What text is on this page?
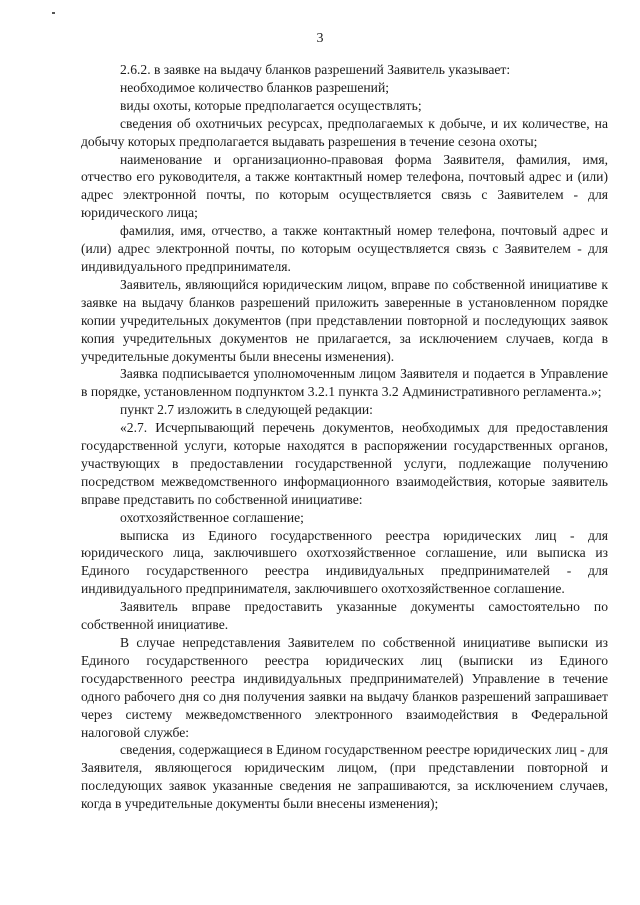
3

2.6.2. в заявке на выдачу бланков разрешений Заявитель указывает:

необходимое количество бланков разрешений;

виды охоты, которые предполагается осуществлять;

сведения об охотничьих ресурсах, предполагаемых к добыче, и их количестве, на добычу которых предполагается выдавать разрешения в течение сезона охоты;

наименование и организационно-правовая форма Заявителя, фамилия, имя, отчество его руководителя, а также контактный номер телефона, почтовый адрес и (или) адрес электронной почты, по которым осуществляется связь с Заявителем - для юридического лица;

фамилия, имя, отчество, а также контактный номер телефона, почтовый адрес и (или) адрес электронной почты, по которым осуществляется связь с Заявителем - для индивидуального предпринимателя.

Заявитель, являющийся юридическим лицом, вправе по собственной инициативе к заявке на выдачу бланков разрешений приложить заверенные в установленном порядке копии учредительных документов (при представлении повторной и последующих заявок копия учредительных документов не прилагается, за исключением случаев, когда в учредительные документы были внесены изменения).

Заявка подписывается уполномоченным лицом Заявителя и подается в Управление в порядке, установленном подпунктом 3.2.1 пункта 3.2 Административного регламента.»;

пункт 2.7 изложить в следующей редакции:

«2.7. Исчерпывающий перечень документов, необходимых для предоставления государственной услуги, которые находятся в распоряжении государственных органов, участвующих в предоставлении государственной услуги, подлежащие получению посредством межведомственного информационного взаимодействия, которые заявитель вправе представить по собственной инициативе:

охотхозяйственное соглашение;

выписка из Единого государственного реестра юридических лиц - для юридического лица, заключившего охотхозяйственное соглашение, или выписка из Единого государственного реестра индивидуальных предпринимателей - для индивидуального предпринимателя, заключившего охотхозяйственное соглашение.

Заявитель вправе предоставить указанные документы самостоятельно по собственной инициативе.

В случае непредставления Заявителем по собственной инициативе выписки из Единого государственного реестра юридических лиц (выписки из Единого государственного реестра индивидуальных предпринимателей) Управление в течение одного рабочего дня со дня получения заявки на выдачу бланков разрешений запрашивает через систему межведомственного электронного взаимодействия в Федеральной налоговой службе:

сведения, содержащиеся в Едином государственном реестре юридических лиц - для Заявителя, являющегося юридическим лицом, (при представлении повторной и последующих заявок указанные сведения не запрашиваются, за исключением случаев, когда в учредительные документы были внесены изменения);
